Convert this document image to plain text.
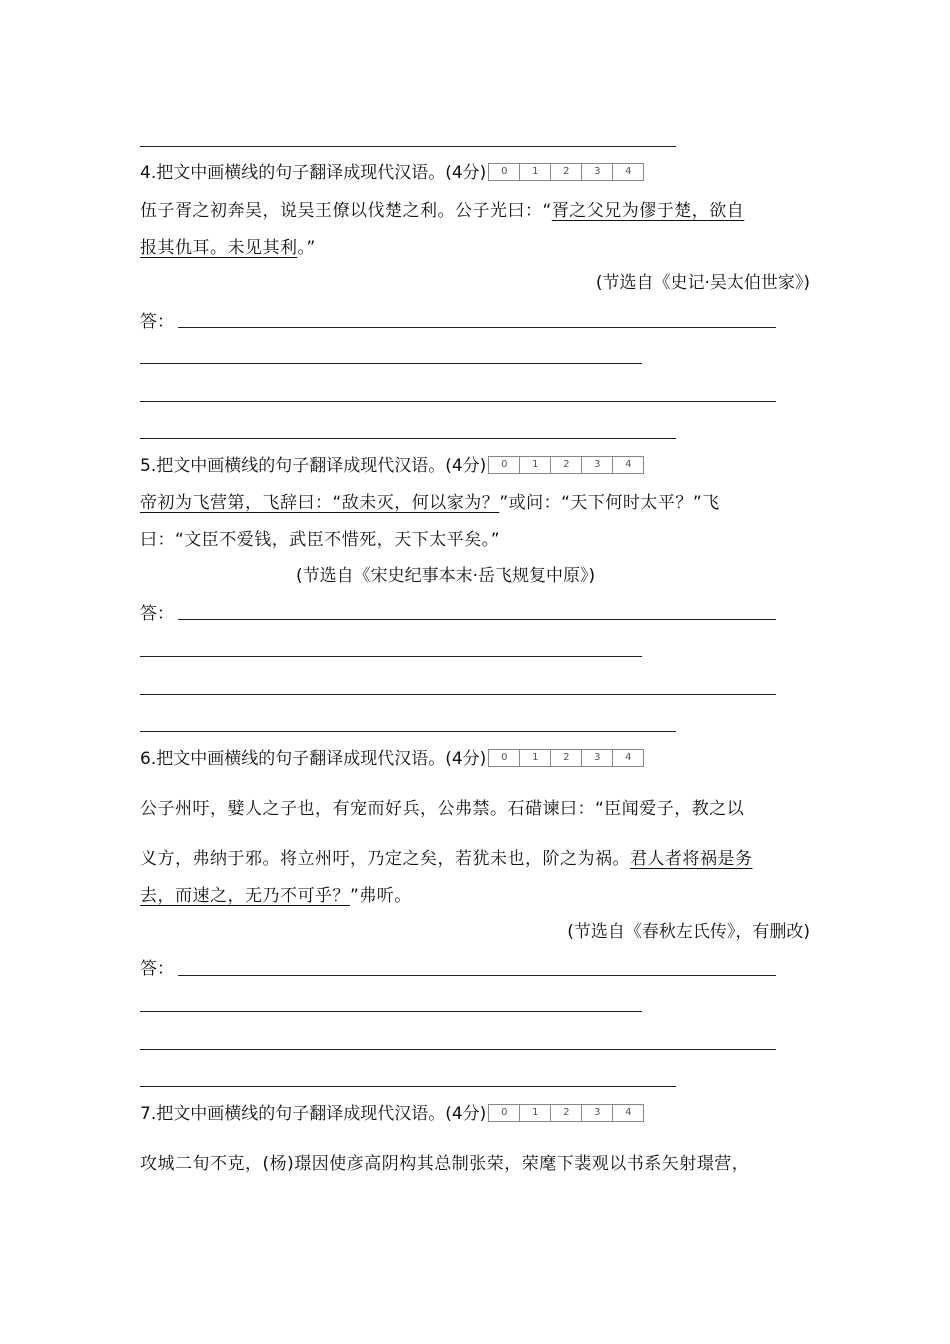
4.把文中画横线的句子翻译成现代汉语。(4分)	0	1	2	3	4
伍子胥之初奔吴，说吴王僚以伐楚之利。公子光曰：“胥之父兄为僇于楚，欲自
报其仇耳。未见其利。”
(节选自《史记·吴太伯世家》)
答：
5.把文中画横线的句子翻译成现代汉语。(4分)	0	1	2	3	4
帝初为飞营第，飞辞曰：“敌未灭，何以家为？”或问：“天下何时太平？”飞
曰：“文臣不爱钱，武臣不惜死，天下太平矣。”
(节选自《宋史纪事本末·岳飞规复中原》)
答：
6.把文中画横线的句子翻译成现代汉语。(4分)	0	1	2	3	4
公子州吁，嬖人之子也，有宠而好兵，公弗禁。石碏谏曰：“臣闻爱子，教之以
义方，弗纳于邪。将立州吁，乃定之矣，若犹未也，阶之为祸。君人者将祸是务
去，而速之，无乃不可乎？”弗听。
(节选自《春秋左氏传》，有删改)
答：
7.把文中画横线的句子翻译成现代汉语。(4分)	0	1	2	3	4
攻城二旬不克，(杨)璟因使彦高阴构其总制张荣，荣麾下裴观以书系矢射璟营，
